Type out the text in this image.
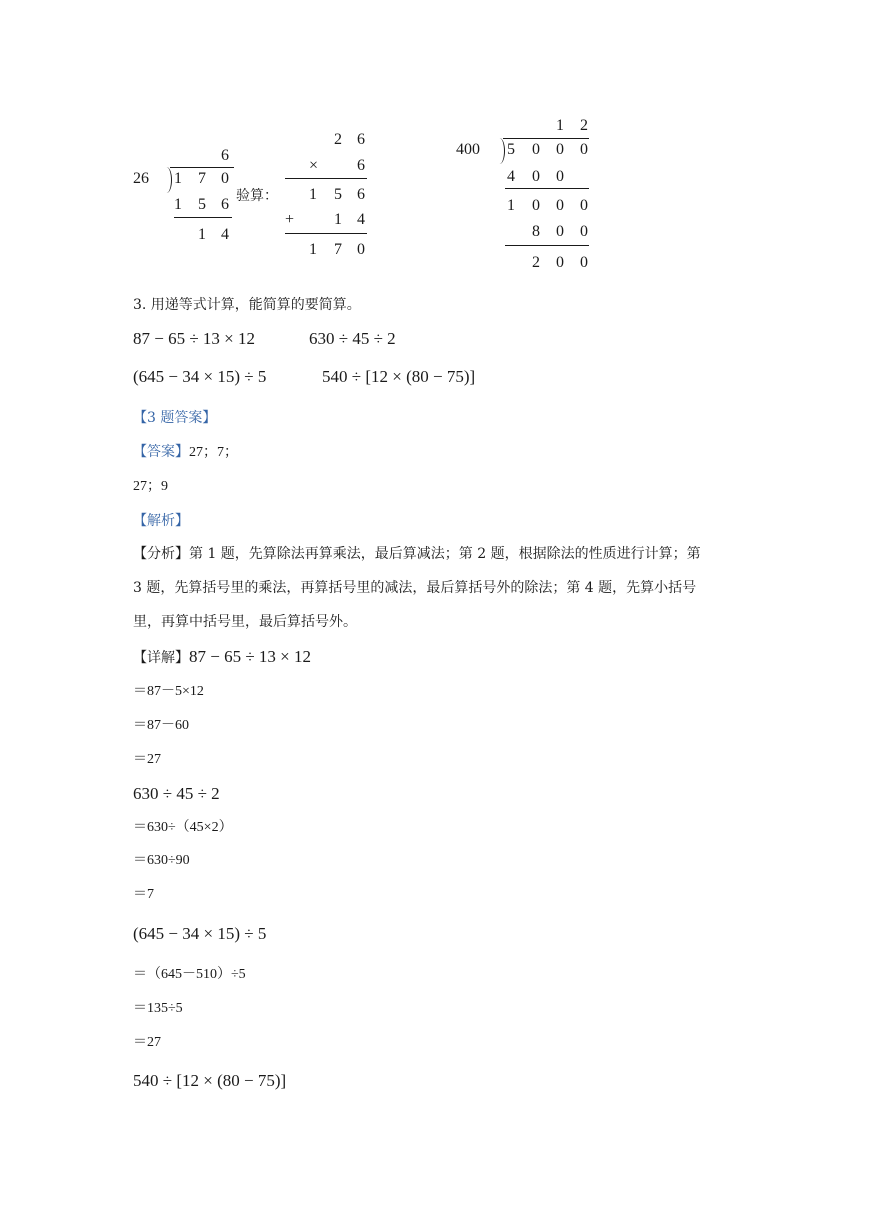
26
6
1 7 0
1 5 6
1 4
验算：
2 6
× 6
1 5 6
+ 1 4
1 7 0
400
1 2
5 0 0 0
4 0 0
1 0 0 0
8 0 0
2 0 0
3. 用递等式计算，能简算的要简算。
87 − 65 ÷ 13 × 12	630 ÷ 45 ÷ 2
(645 − 34 × 15) ÷ 5	540 ÷ [12 × (80 − 75)]
【3 题答案】
【答案】27；7；
27；9
【解析】
【分析】第 1 题，先算除法再算乘法，最后算减法；第 2 题，根据除法的性质进行计算；第
3 题，先算括号里的乘法，再算括号里的减法，最后算括号外的除法；第 4 题，先算小括号
里，再算中括号里，最后算括号外。
【详解】87 − 65 ÷ 13 × 12
＝87－5×12
＝87－60
＝27
630 ÷ 45 ÷ 2
＝630÷（45×2）
＝630÷90
＝7
(645 − 34 × 15) ÷ 5
＝（645－510）÷5
＝135÷5
＝27
540 ÷ [12 × (80 − 75)]
